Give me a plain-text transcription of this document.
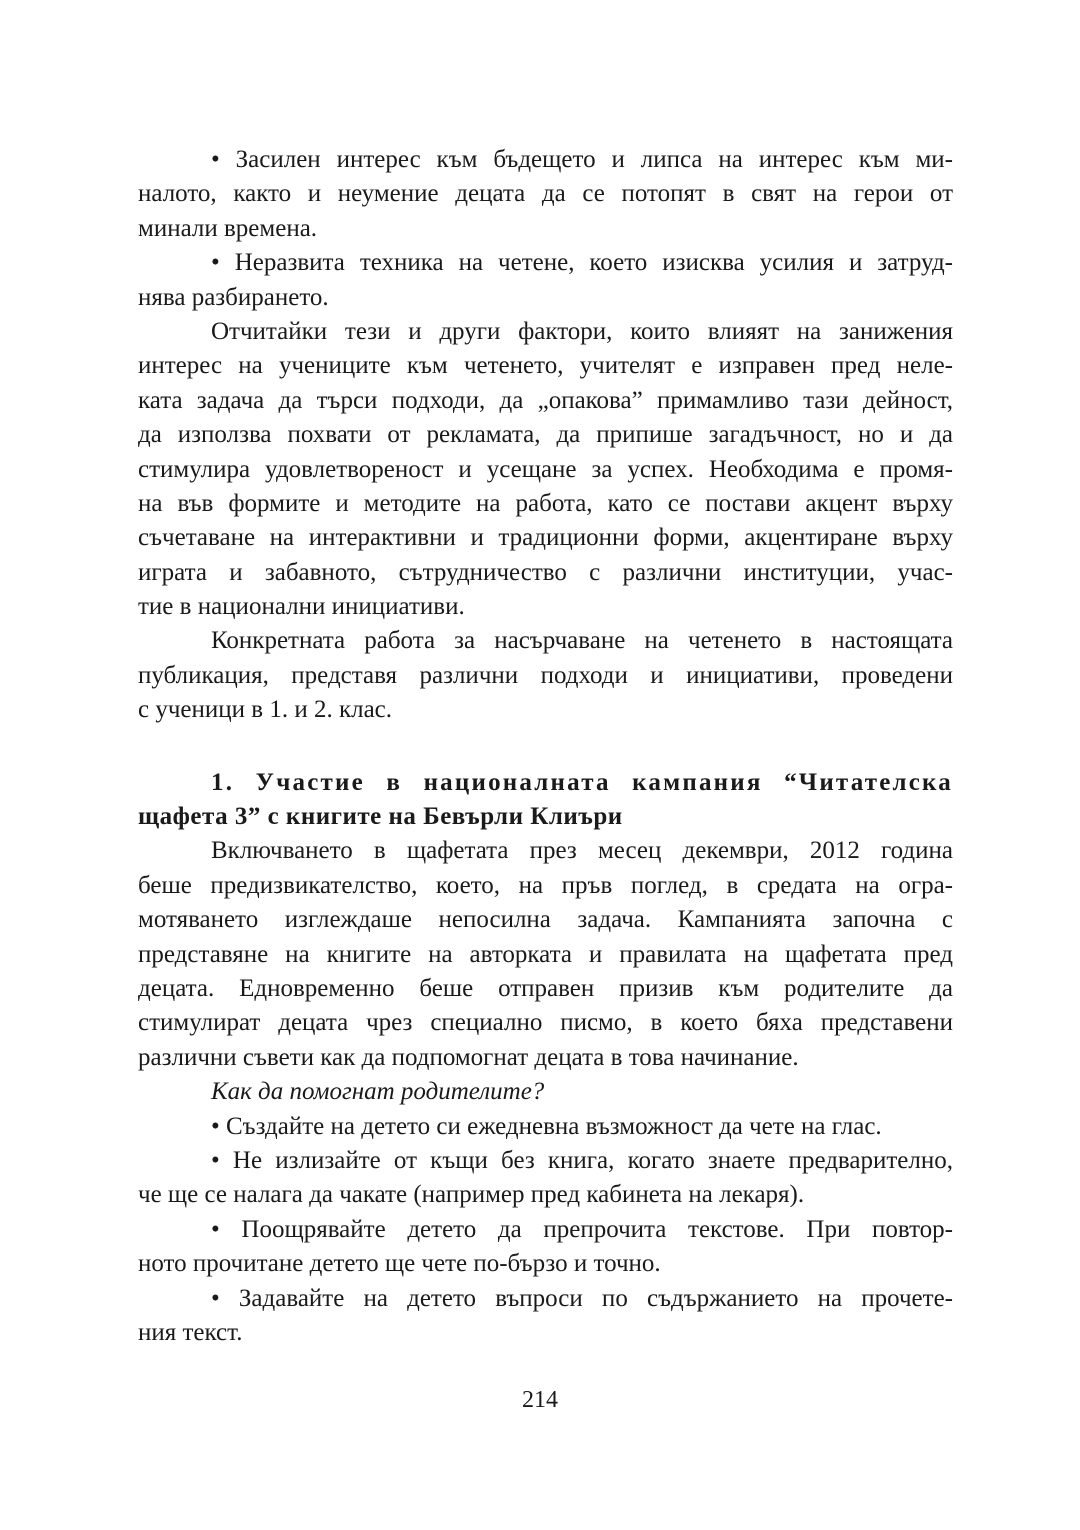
• Засилен интерес към бъдещето и липса на интерес към ми-
налото, както и неумение децата да се потопят в свят на герои от
минали времена.
• Неразвита техника на четене, което изисква усилия и затруд-
нява разбирането.
Отчитайки тези и други фактори, които влияят на занижения
интерес на учениците към четенето, учителят е изправен пред неле-
ката задача да търси подходи, да „опакова” примамливо тази дейност,
да използва похвати от рекламата, да припише загадъчност, но и да
стимулира удовлетвореност и усещане за успех. Необходима е промя-
на във формите и методите на работа, като се постави акцент върху
съчетаване на интерактивни и традиционни форми, акцентиране върху
играта и забавното, сътрудничество с различни институции, учас-
тие в национални инициативи.
Конкретната работа за насърчаване на четенето в настоящата
публикация, представя различни подходи и инициативи, проведени
с ученици в 1. и 2. клас.
1. Участие в националната кампания “Читателска
щафета 3” с книгите на Бевърли Клиъри
Включването в щафетата през месец декември, 2012 година
беше предизвикателство, което, на пръв поглед, в средата на огра-
мотяването изглеждаше непосилна задача. Кампанията започна с
представяне на книгите на авторката и правилата на щафетата пред
децата. Едновременно беше отправен призив към родителите да
стимулират децата чрез специално писмо, в което бяха представени
различни съвети как да подпомогнат децата в това начинание.
Как да помогнат родителите?
• Създайте на детето си ежедневна възможност да чете на глас.
• Не излизайте от къщи без книга, когато знаете предварително,
че ще се налага да чакате (например пред кабинета на лекаря).
• Поощрявайте детето да препрочита текстове. При повтор-
ното прочитане детето ще чете по-бързо и точно.
• Задавайте на детето въпроси по съдържанието на прочете-
ния текст.
214
